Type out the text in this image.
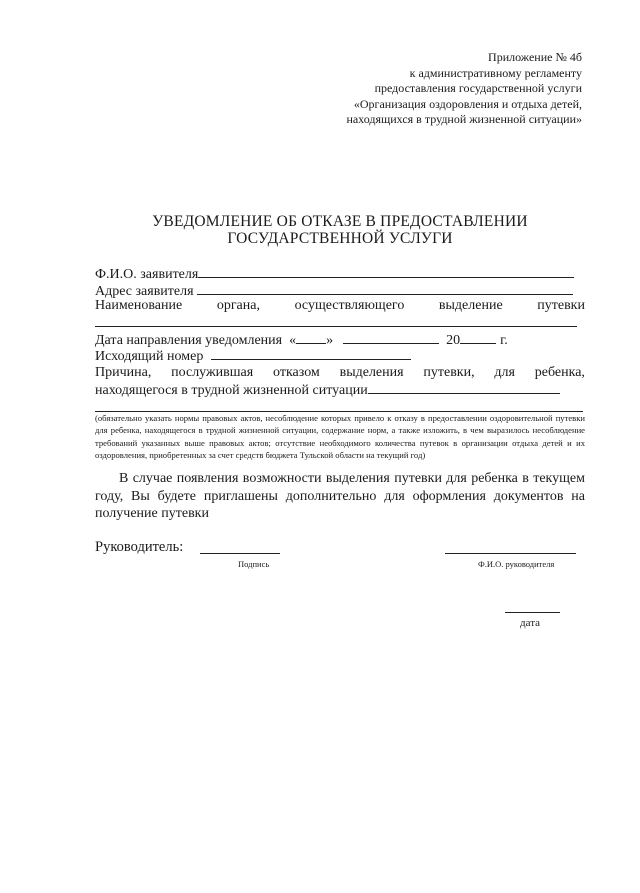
Приложение № 4б
к административному регламенту
предоставления государственной услуги
«Организация оздоровления и отдыха детей,
находящихся в трудной жизненной ситуации»
УВЕДОМЛЕНИЕ ОБ ОТКАЗЕ В ПРЕДОСТАВЛЕНИИ
ГОСУДАРСТВЕННОЙ УСЛУГИ
Ф.И.О. заявителя
Адрес заявителя
Наименование органа, осуществляющего выделение путевки
Дата направления уведомления « »	20	г.
Исходящий номер
Причина, послужившая отказом выделения путевки, для ребенка,
находящегося в трудной жизненной ситуации
(обязательно указать нормы правовых актов, несоблюдение которых привело к отказу в предоставлении оздоровительной путевки для ребенка, находящегося в трудной жизненной ситуации, содержание норм, а также изложить, в чем выразилось несоблюдение требований указанных выше правовых актов; отсутствие необходимого количества путевок в организации отдыха детей и их оздоровления, приобретенных за счет средств бюджета Тульской области на текущий год)
В случае появления возможности выделения путевки для ребенка в текущем году, Вы будете приглашены дополнительно для оформления документов на получение путевки
Руководитель:
Подпись	Ф.И.О. руководителя
дата
